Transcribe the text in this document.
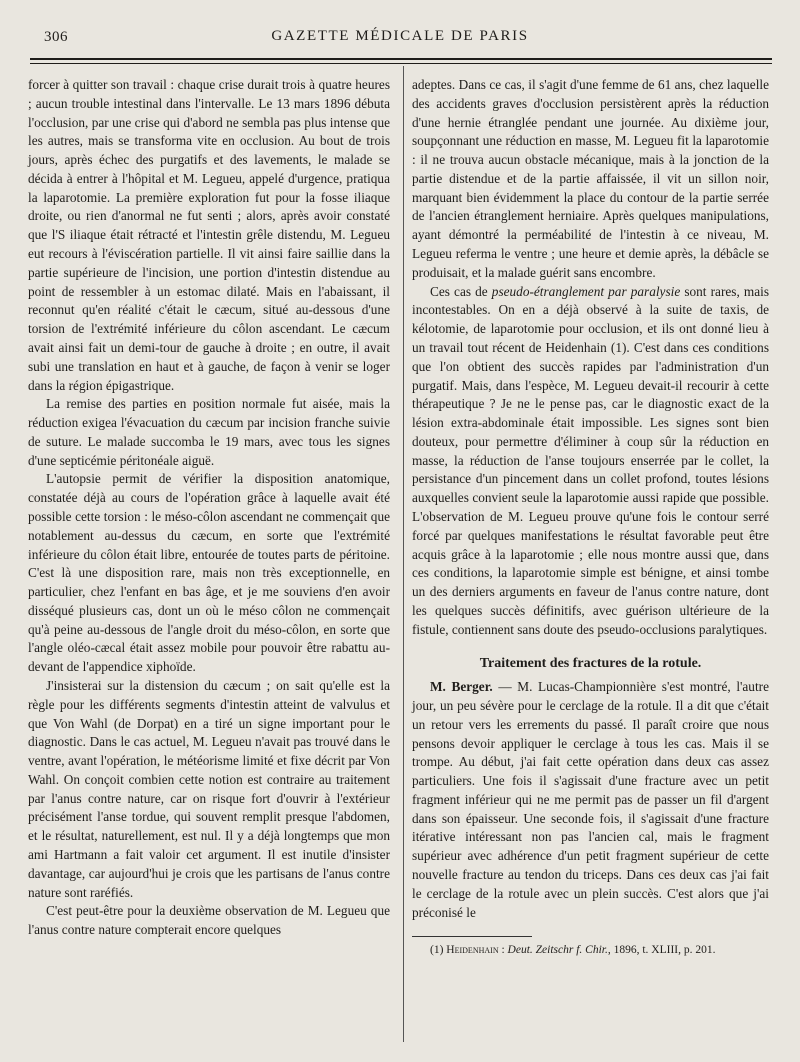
306	GAZETTE MÉDICALE DE PARIS

forcer à quitter son travail : chaque crise durait trois à quatre heures ; aucun trouble intestinal dans l'intervalle. Le 13 mars 1896 débuta l'occlusion, par une crise qui d'abord ne sembla pas plus intense que les autres, mais se transforma vite en occlusion. Au bout de trois jours, après échec des purgatifs et des lavements, le malade se décida à entrer à l'hôpital et M. Legueu, appelé d'urgence, pratiqua la laparotomie. La première exploration fut pour la fosse iliaque droite, ou rien d'anormal ne fut senti ; alors, après avoir constaté que l'S iliaque était rétracté et l'intestin grêle distendu, M. Legueu eut recours à l'éviscération partielle. Il vit ainsi faire saillie dans la partie supérieure de l'incision, une portion d'intestin distendue au point de ressembler à un estomac dilaté. Mais en l'abaissant, il reconnut qu'en réalité c'était le cæcum, situé au-dessous d'une torsion de l'extrémité inférieure du côlon ascendant. Le cæcum avait ainsi fait un demi-tour de gauche à droite ; en outre, il avait subi une translation en haut et à gauche, de façon à venir se loger dans la région épigastrique.

La remise des parties en position normale fut aisée, mais la réduction exigea l'évacuation du cæcum par incision franche suivie de suture. Le malade succomba le 19 mars, avec tous les signes d'une septicémie péritonéale aiguë.

L'autopsie permit de vérifier la disposition anatomique, constatée déjà au cours de l'opération grâce à laquelle avait été possible cette torsion : le méso-côlon ascendant ne commençait que notablement au-dessus du cæcum, en sorte que l'extrémité inférieure du côlon était libre, entourée de toutes parts de péritoine. C'est là une disposition rare, mais non très exceptionnelle, en particulier, chez l'enfant en bas âge, et je me souviens d'en avoir disséqué plusieurs cas, dont un où le méso côlon ne commençait qu'à peine au-dessous de l'angle droit du méso-côlon, en sorte que l'angle oléo-cæcal était assez mobile pour pouvoir être rabattu au-devant de l'appendice xiphoïde.

J'insisterai sur la distension du cæcum ; on sait qu'elle est la règle pour les différents segments d'intestin atteint de valvulus et que Von Wahl (de Dorpat) en a tiré un signe important pour le diagnostic. Dans le cas actuel, M. Legueu n'avait pas trouvé dans le ventre, avant l'opération, le météorisme limité et fixe décrit par Von Wahl. On conçoit combien cette notion est contraire au traitement par l'anus contre nature, car on risque fort d'ouvrir à l'extérieur précisément l'anse tordue, qui souvent remplit presque l'abdomen, et le résultat, naturellement, est nul. Il y a déjà longtemps que mon ami Hartmann a fait valoir cet argument. Il est inutile d'insister davantage, car aujourd'hui je crois que les partisans de l'anus contre nature sont raréfiés.

C'est peut-être pour la deuxième observation de M. Legueu que l'anus contre nature compterait encore quelques

adeptes. Dans ce cas, il s'agit d'une femme de 61 ans, chez laquelle des accidents graves d'occlusion persistèrent après la réduction d'une hernie étranglée pendant une journée. Au dixième jour, soupçonnant une réduction en masse, M. Legueu fit la laparotomie : il ne trouva aucun obstacle mécanique, mais à la jonction de la partie distendue et de la partie affaissée, il vit un sillon noir, marquant bien évidemment la place du contour de la partie serrée de l'ancien étranglement herniaire. Après quelques manipulations, ayant démontré la perméabilité de l'intestin à ce niveau, M. Legueu referma le ventre ; une heure et demie après, la débâcle se produisait, et la malade guérit sans encombre.

Ces cas de pseudo-étranglement par paralysie sont rares, mais incontestables. On en a déjà observé à la suite de taxis, de kélotomie, de laparotomie pour occlusion, et ils ont donné lieu à un travail tout récent de Heidenhain (1). C'est dans ces conditions que l'on obtient des succès rapides par l'administration d'un purgatif. Mais, dans l'espèce, M. Legueu devait-il recourir à cette thérapeutique ? Je ne le pense pas, car le diagnostic exact de la lésion extra-abdominale était impossible. Les signes sont bien douteux, pour permettre d'éliminer à coup sûr la réduction en masse, la réduction de l'anse toujours enserrée par le collet, la persistance d'un pincement dans un collet profond, toutes lésions auxquelles convient seule la laparotomie aussi rapide que possible. L'observation de M. Legueu prouve qu'une fois le contour serré forcé par quelques manifestations le résultat favorable peut être acquis grâce à la laparotomie ; elle nous montre aussi que, dans ces conditions, la laparotomie simple est bénigne, et ainsi tombe un des derniers arguments en faveur de l'anus contre nature, dont les quelques succès définitifs, avec guérison ultérieure de la fistule, contiennent sans doute des pseudo-occlusions paralytiques.

Traitement des fractures de la rotule.

M. Berger. — M. Lucas-Championnière s'est montré, l'autre jour, un peu sévère pour le cerclage de la rotule. Il a dit que c'était un retour vers les errements du passé. Il paraît croire que nous pensons devoir appliquer le cerclage à tous les cas. Mais il se trompe. Au début, j'ai fait cette opération dans deux cas assez particuliers. Une fois il s'agissait d'une fracture avec un petit fragment inférieur qui ne me permit pas de passer un fil d'argent dans son épaisseur. Une seconde fois, il s'agissait d'une fracture itérative intéressant non pas l'ancien cal, mais le fragment supérieur avec adhérence d'un petit fragment supérieur de cette nouvelle fracture au tendon du triceps. Dans ces deux cas j'ai fait le cerclage de la rotule avec un plein succès. C'est alors que j'ai préconisé le

(1) Heidenhain : Deut. Zeitschr f. Chir., 1896, t. XLIII, p. 201.
